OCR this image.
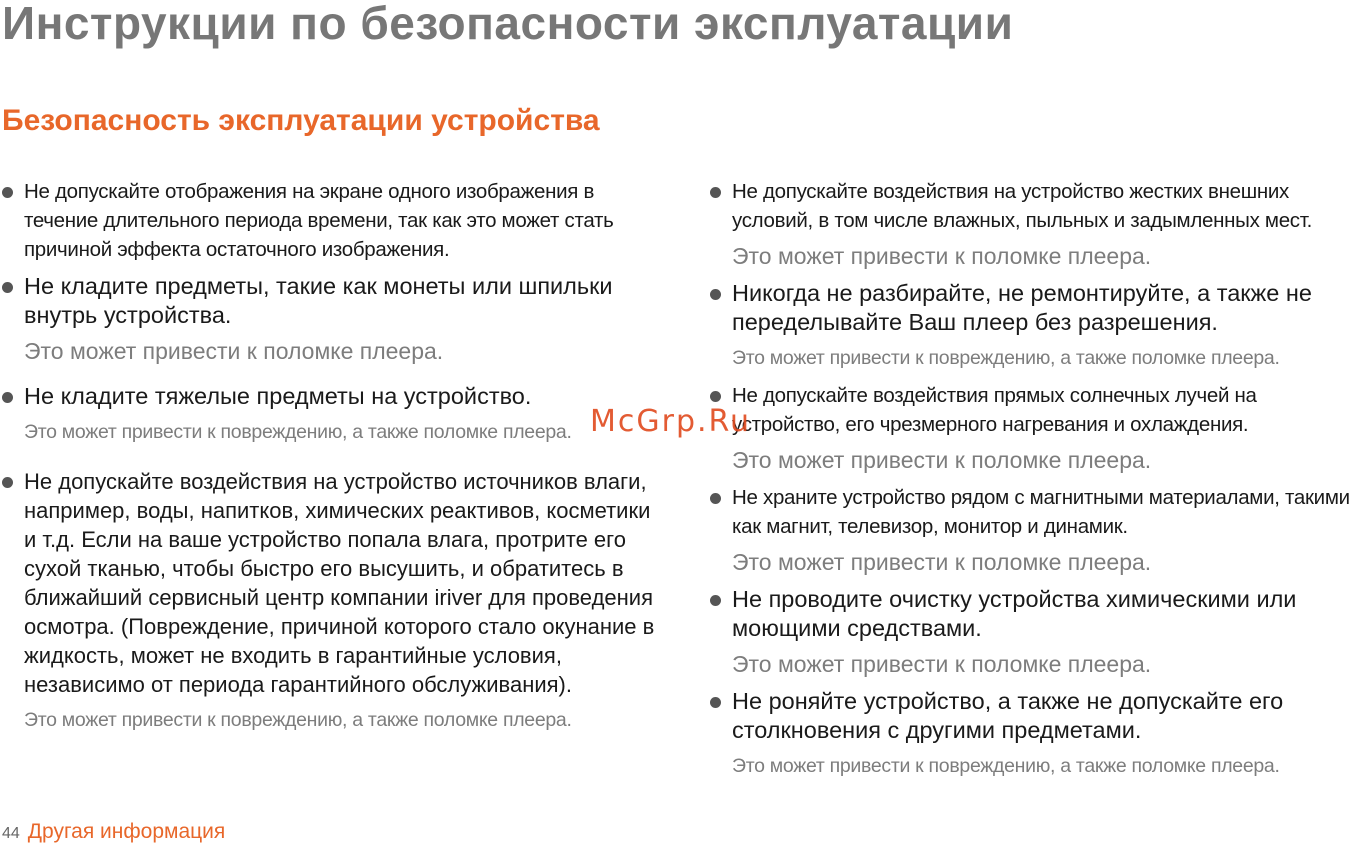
Инструкции по безопасности эксплуатации
Безопасность эксплуатации устройства
Не допускайте отображения на экране одного изображения в течение длительного периода времени, так как это может стать причиной эффекта остаточного изображения.
Не кладите предметы, такие как монеты или шпильки внутрь устройства.
Это может привести к поломке плеера.
Не кладите тяжелые предметы на устройство.
Это может привести к повреждению, а также поломке плеера.
Не допускайте воздействия на устройство источников влаги, например, воды, напитков, химических реактивов, косметики и т.д. Если на ваше устройство попала влага, протрите его сухой тканью, чтобы быстро его высушить, и обратитесь в ближайший сервисный центр компании iriver для проведения осмотра. (Повреждение, причиной которого стало окунание в жидкость, может не входить в гарантийные условия, независимо от периода гарантийного обслуживания).
Это может привести к повреждению, а также поломке плеера.
Не допускайте воздействия на устройство жестких внешних условий, в том числе влажных, пыльных и задымленных мест.
Это может привести к поломке плеера.
Никогда не разбирайте, не ремонтируйте, а также не переделывайте Ваш плеер без разрешения.
Это может привести к повреждению, а также поломке плеера.
Не допускайте воздействия прямых солнечных лучей на устройство, его чрезмерного нагревания и охлаждения.
Это может привести к поломке плеера.
Не храните устройство рядом с магнитными материалами, такими как магнит, телевизор, монитор и динамик.
Это может привести к поломке плеера.
Не проводите очистку устройства химическими или моющими средствами.
Это может привести к поломке плеера.
Не роняйте устройство, а также не допускайте его столкновения с другими предметами.
Это может привести к повреждению, а также поломке плеера.
44 Другая информация
McGrp.Ru
